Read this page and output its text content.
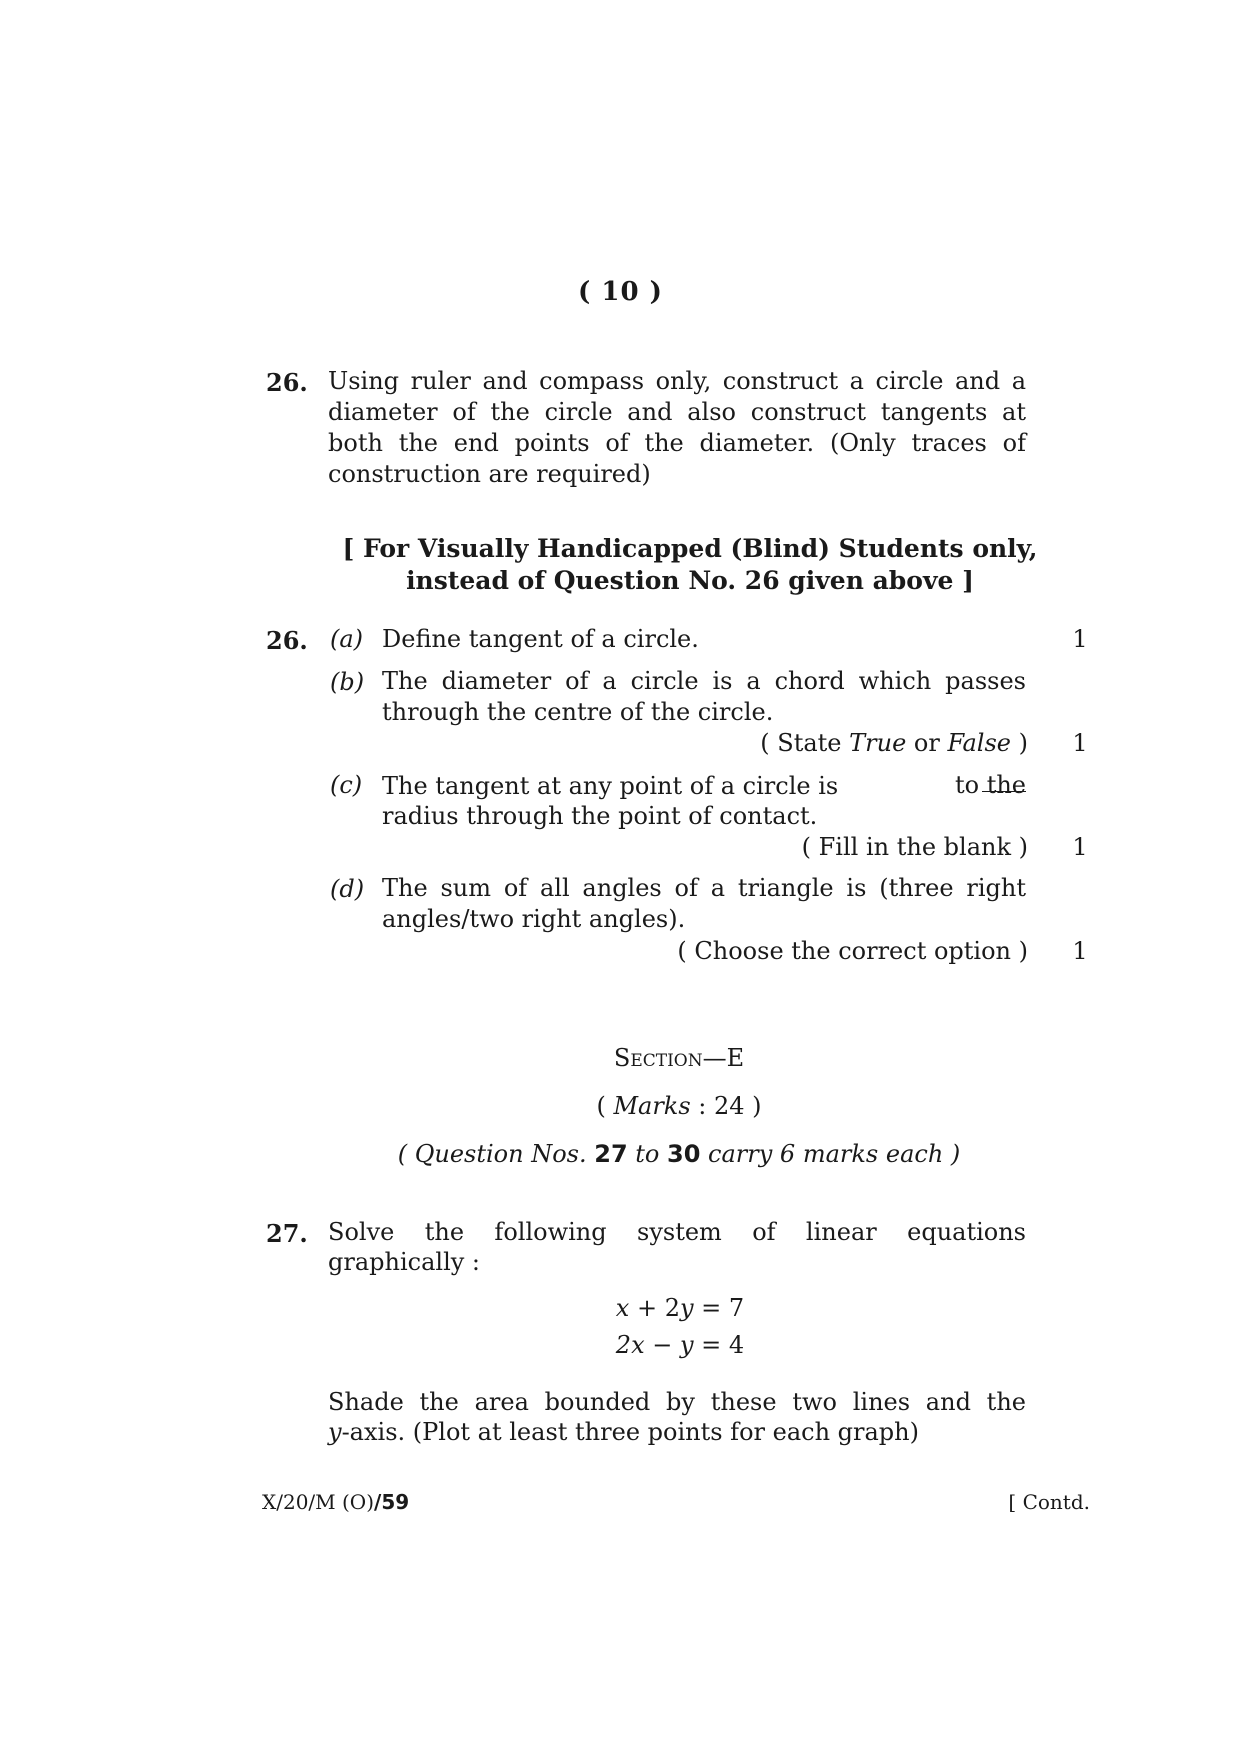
( 10 )
26. Using ruler and compass only, construct a circle and a diameter of the circle and also construct tangents at both the end points of the diameter. (Only traces of construction are required)
[ For Visually Handicapped (Blind) Students only,
instead of Question No. 26 given above ]
26. (a) Define tangent of a circle.	1
(b) The diameter of a circle is a chord which passes through the centre of the circle.
( State True or False ) 1
(c) The tangent at any point of a circle is	to the
radius through the point of contact.
( Fill in the blank ) 1
(d) The sum of all angles of a triangle is (three right angles/two right angles).
( Choose the correct option ) 1
Section—E
( Marks : 24 )
( Question Nos. 27 to 30 carry 6 marks each )
27. Solve the following system of linear equations
graphically :
x + 2y = 7
2x − y = 4
Shade the area bounded by these two lines and the
y-axis. (Plot at least three points for each graph)
X/20/M (O)/59	[ Contd.
